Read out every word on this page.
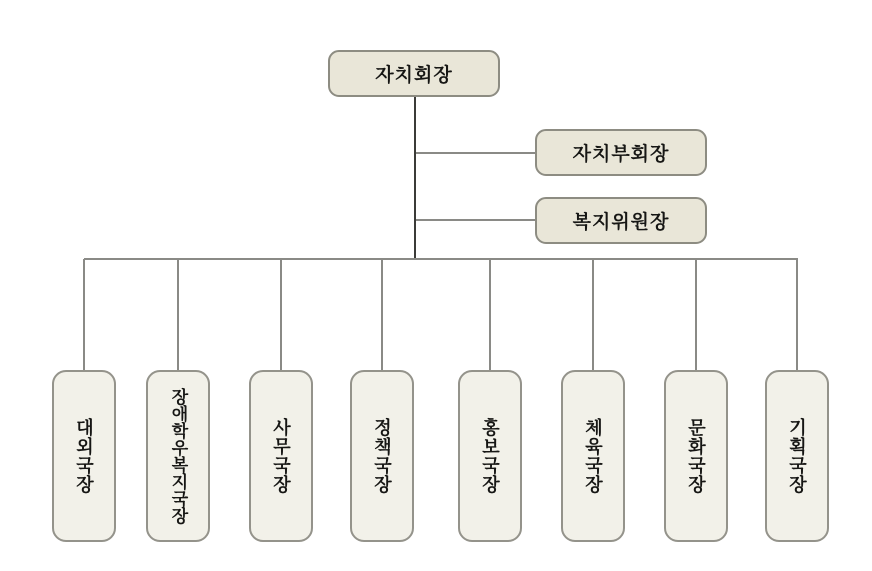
자치회장
자치부회장
복지위원장
대외국장	장애학우복지국장	사무국장	정책국장	홍보국장	체육국장	문화국장	기획국장
